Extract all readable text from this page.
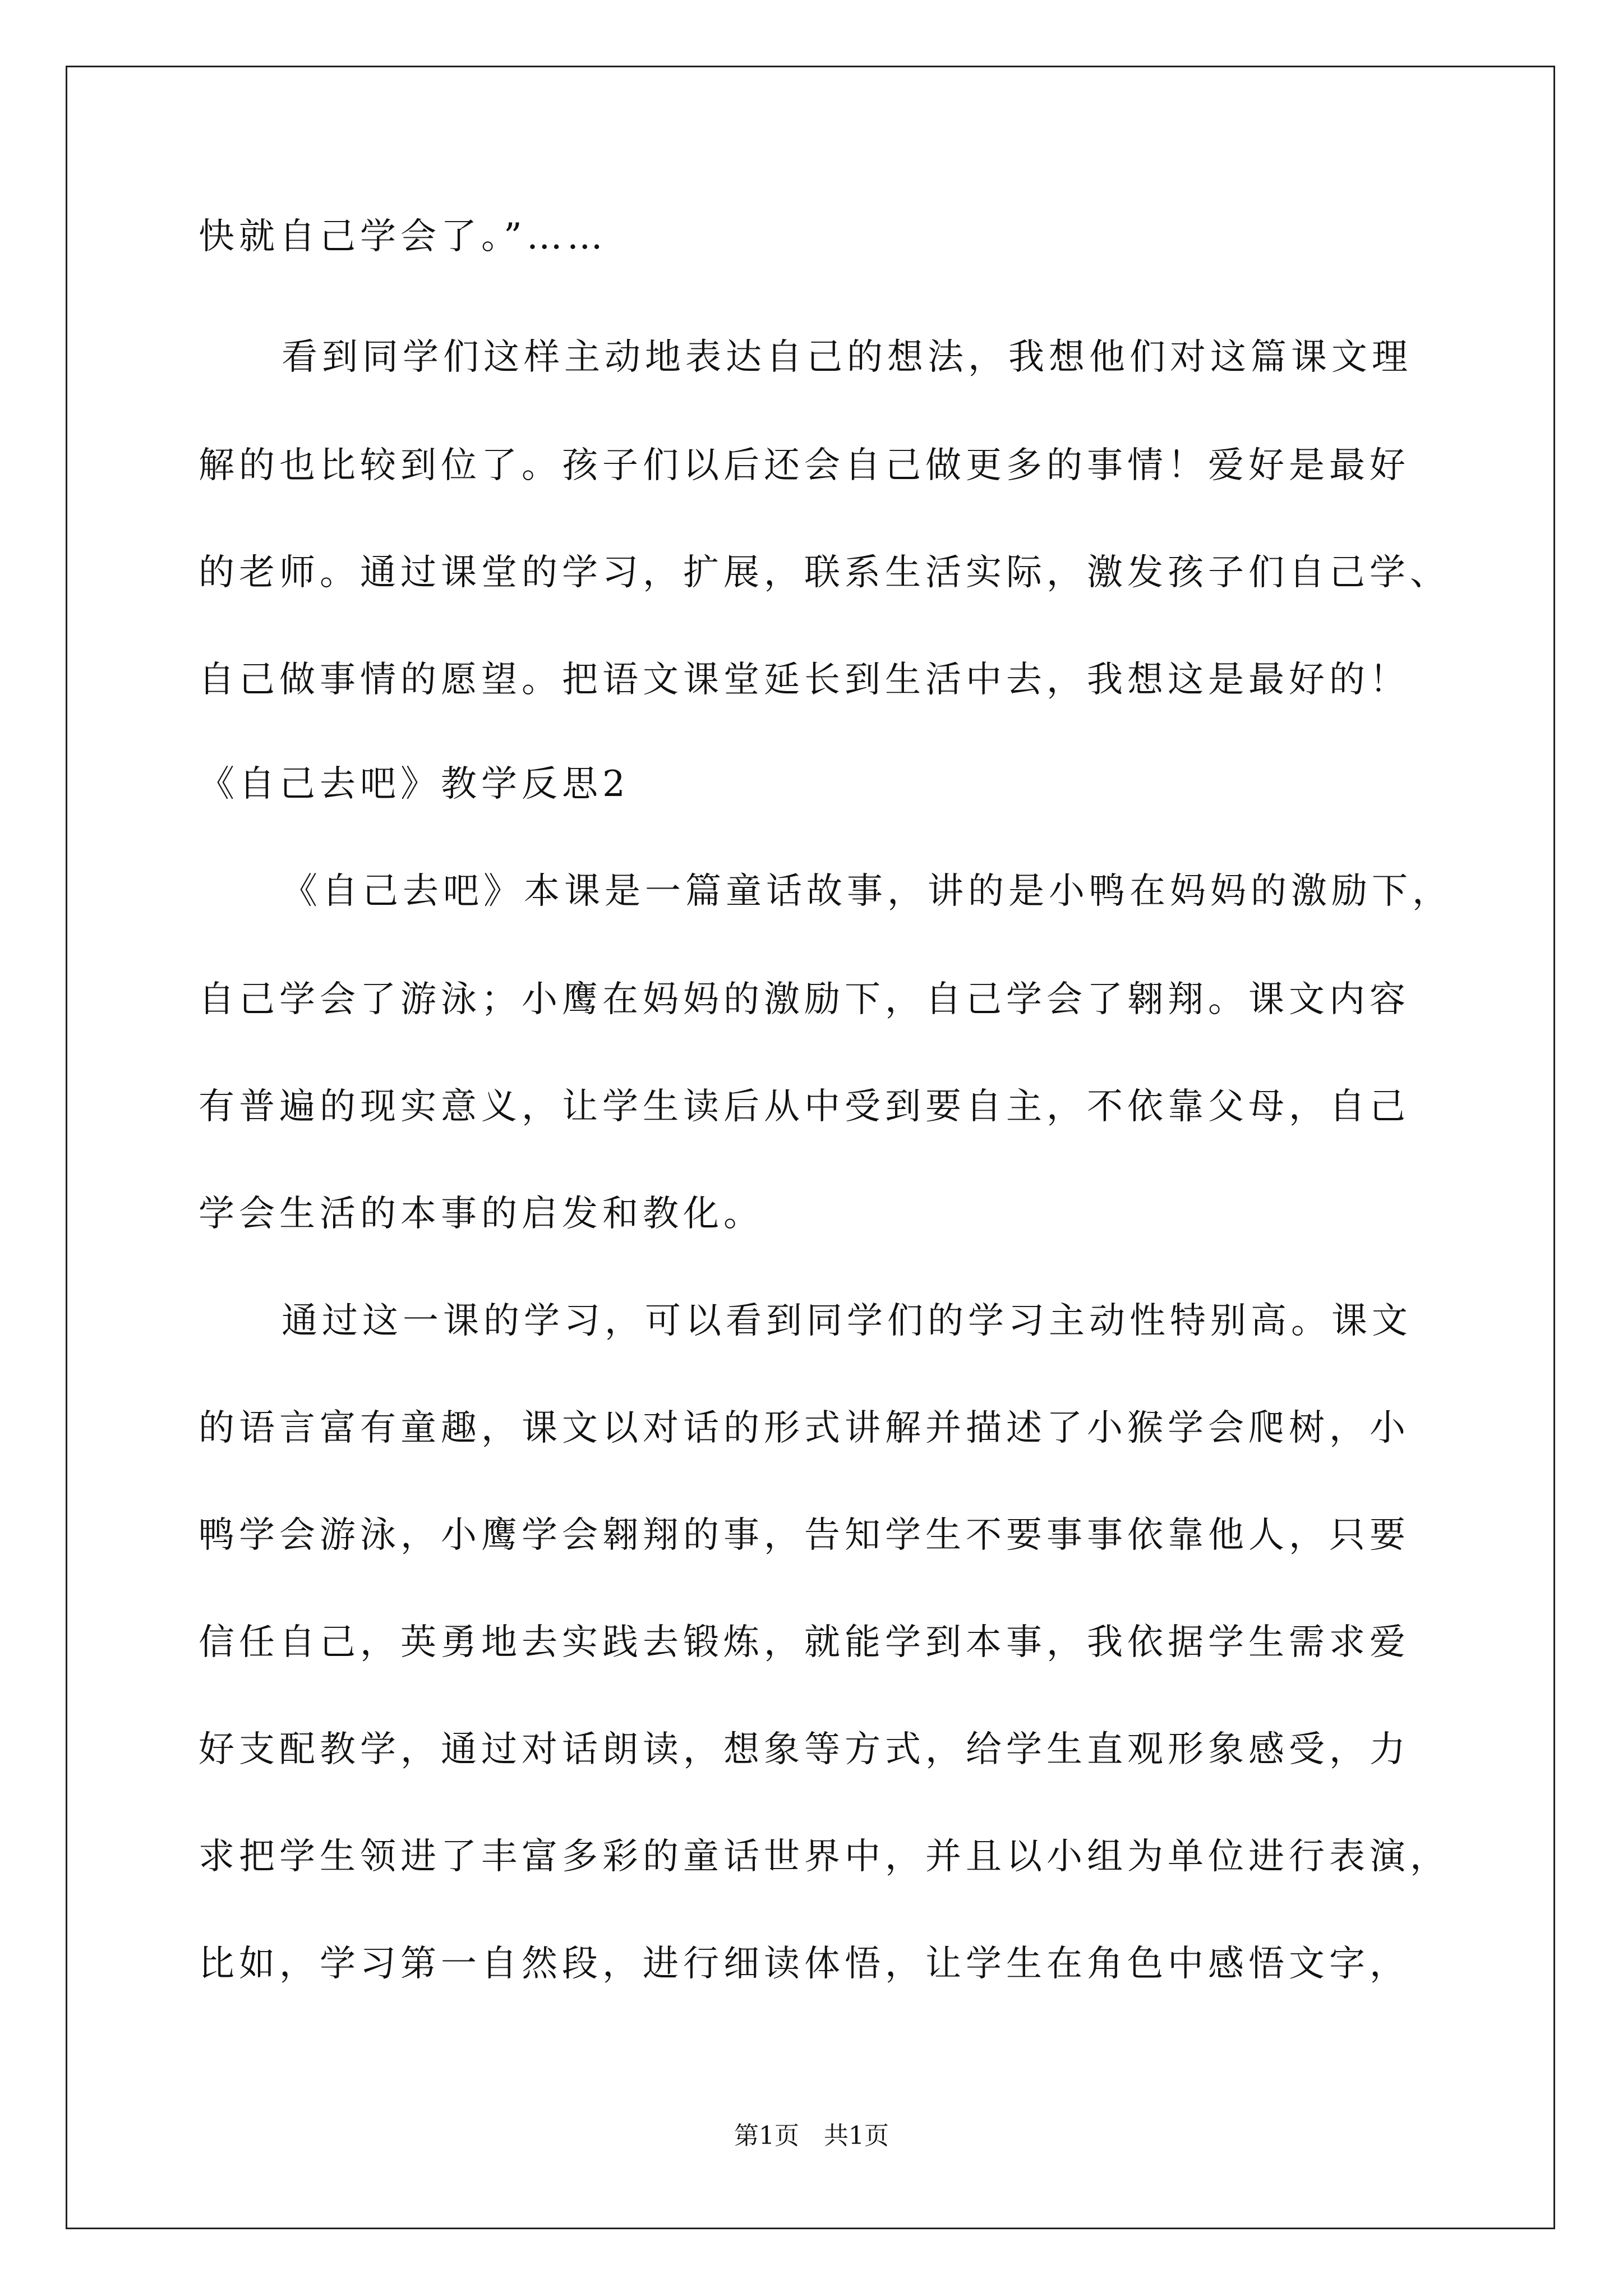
快就自己学会了。”……
看到同学们这样主动地表达自己的想法，我想他们对这篇课文理
解的也比较到位了。孩子们以后还会自己做更多的事情！爱好是最好
的老师。通过课堂的学习，扩展，联系生活实际，激发孩子们自己学、
自己做事情的愿望。把语文课堂延长到生活中去，我想这是最好的！
《自己去吧》教学反思2
《自己去吧》本课是一篇童话故事，讲的是小鸭在妈妈的激励下，
自己学会了游泳；小鹰在妈妈的激励下，自己学会了翱翔。课文内容
有普遍的现实意义，让学生读后从中受到要自主，不依靠父母，自己
学会生活的本事的启发和教化。
通过这一课的学习，可以看到同学们的学习主动性特别高。课文
的语言富有童趣，课文以对话的形式讲解并描述了小猴学会爬树，小
鸭学会游泳，小鹰学会翱翔的事，告知学生不要事事依靠他人，只要
信任自己，英勇地去实践去锻炼，就能学到本事，我依据学生需求爱
好支配教学，通过对话朗读，想象等方式，给学生直观形象感受，力
求把学生领进了丰富多彩的童话世界中，并且以小组为单位进行表演，
比如，学习第一自然段，进行细读体悟，让学生在角色中感悟文字，
第1页 共1页
